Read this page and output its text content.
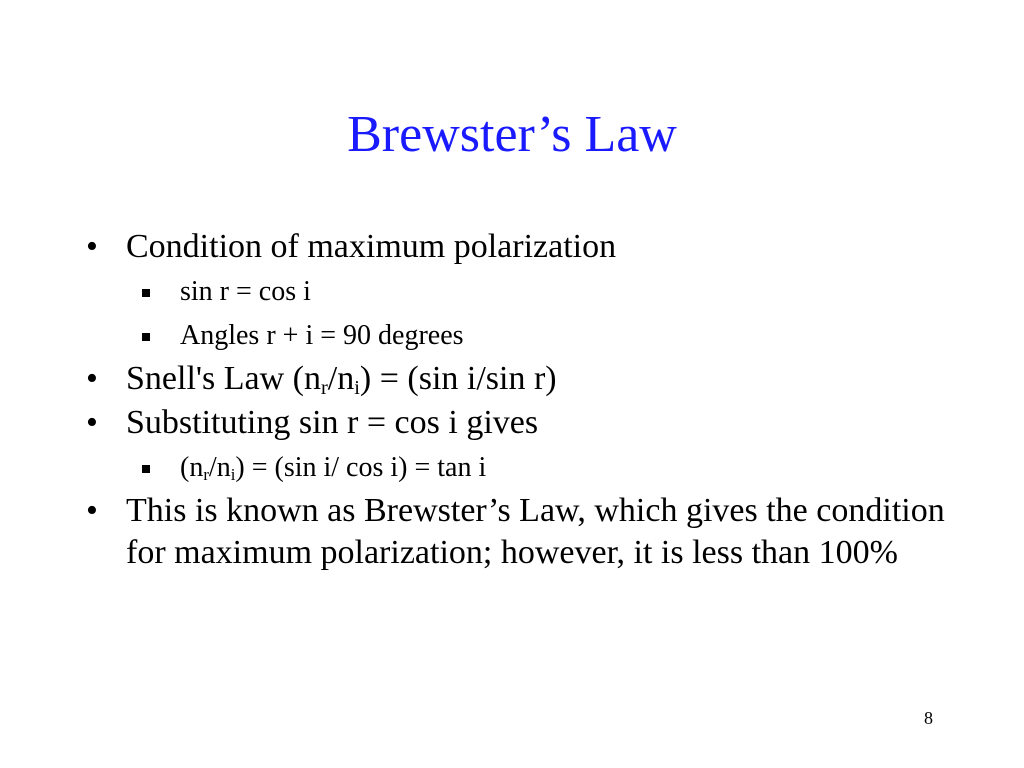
Brewster’s Law
• Condition of maximum polarization
sin r = cos i
Angles r + i = 90 degrees
• Snell's Law $(n_r/n_i) = (\sin$ i/sin r)
• Substituting sin r = cos i gives
$(n_r/n_i) = (\sin$ i/ cos i) = tan i
• This is known as Brewster’s Law, which gives the condition for maximum polarization; however, it is less than 100%
8
